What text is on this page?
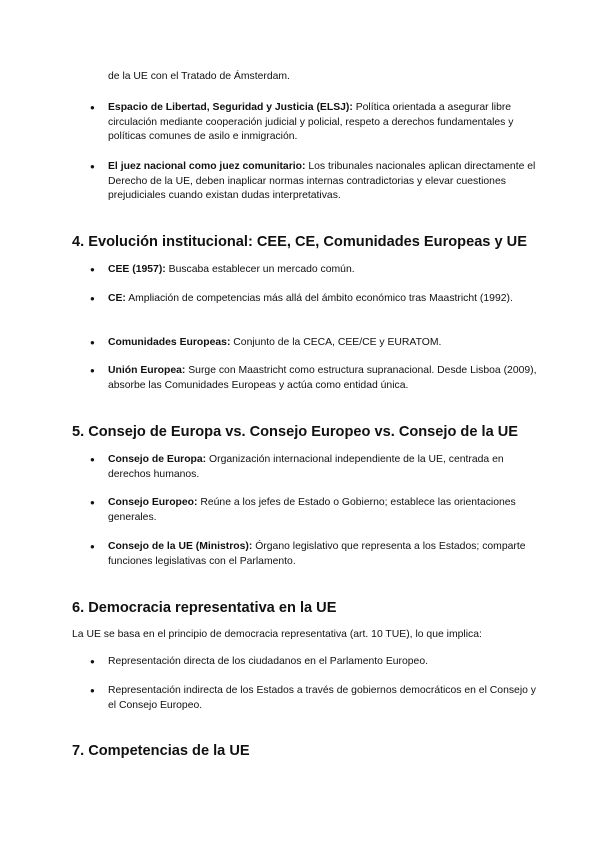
de la UE con el Tratado de Ámsterdam.
● Espacio de Libertad, Seguridad y Justicia (ELSJ): Política orientada a asegurar libre circulación mediante cooperación judicial y policial, respeto a derechos fundamentales y políticas comunes de asilo e inmigración.
● El juez nacional como juez comunitario: Los tribunales nacionales aplican directamente el Derecho de la UE, deben inaplicar normas internas contradictorias y elevar cuestiones prejudiciales cuando existan dudas interpretativas.
4. Evolución institucional: CEE, CE, Comunidades Europeas y UE
● CEE (1957): Buscaba establecer un mercado común.
● CE: Ampliación de competencias más allá del ámbito económico tras Maastricht (1992).
● Comunidades Europeas: Conjunto de la CECA, CEE/CE y EURATOM.
● Unión Europea: Surge con Maastricht como estructura supranacional. Desde Lisboa (2009), absorbe las Comunidades Europeas y actúa como entidad única.
5. Consejo de Europa vs. Consejo Europeo vs. Consejo de la UE
● Consejo de Europa: Organización internacional independiente de la UE, centrada en derechos humanos.
● Consejo Europeo: Reúne a los jefes de Estado o Gobierno; establece las orientaciones generales.
● Consejo de la UE (Ministros): Órgano legislativo que representa a los Estados; comparte funciones legislativas con el Parlamento.
6. Democracia representativa en la UE
La UE se basa en el principio de democracia representativa (art. 10 TUE), lo que implica:
● Representación directa de los ciudadanos en el Parlamento Europeo.
● Representación indirecta de los Estados a través de gobiernos democráticos en el Consejo y el Consejo Europeo.
7. Competencias de la UE
